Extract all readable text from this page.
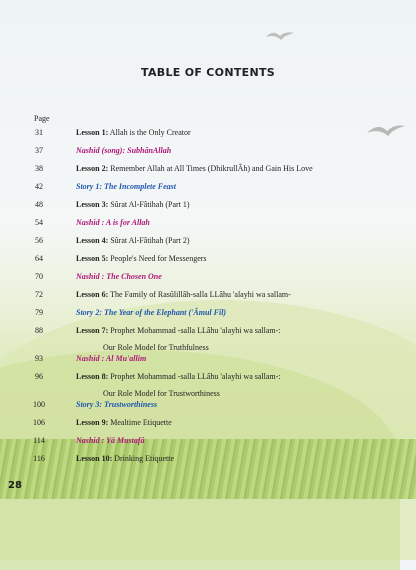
TABLE OF CONTENTS
Page
31	Lesson 1: Allah is the Only Creator
37	Nashid (song): SubhânAllah
38	Lesson 2: Remember Allah at All Times (DhikrullÂh) and Gain His Love
42	Story 1: The Incomplete Feast
48	Lesson 3: Sûrat Al-Fâtihah (Part 1)
54	Nashid : A is for Allah
56	Lesson 4: Sûrat Al-Fâtihah (Part 2)
64	Lesson 5: People's Need for Messengers
70	Nashid : The Chosen One
72	Lesson 6: The Family of Rasûlillâh-salla LLâhu 'alayhi wa sallam-
79	Story 2: The Year of the Elephant ('Âmul Fîl)
88	Lesson 7: Prophet Mohammad -salla LLâhu 'alayhi wa sallam-:
Our Role Model for Truthfulness
93	Nashid : Al Mu'allim
96	Lesson 8: Prophet Mohammad -salla LLâhu 'alayhi wa sallam-:
Our Role Model for Trustworthiness
100	Story 3: Trustworthiness
106	Lesson 9: Mealtime Etiquette
114	Nashid : Yâ Mustafâ
116	Lesson 10: Drinking Etiquette
28
